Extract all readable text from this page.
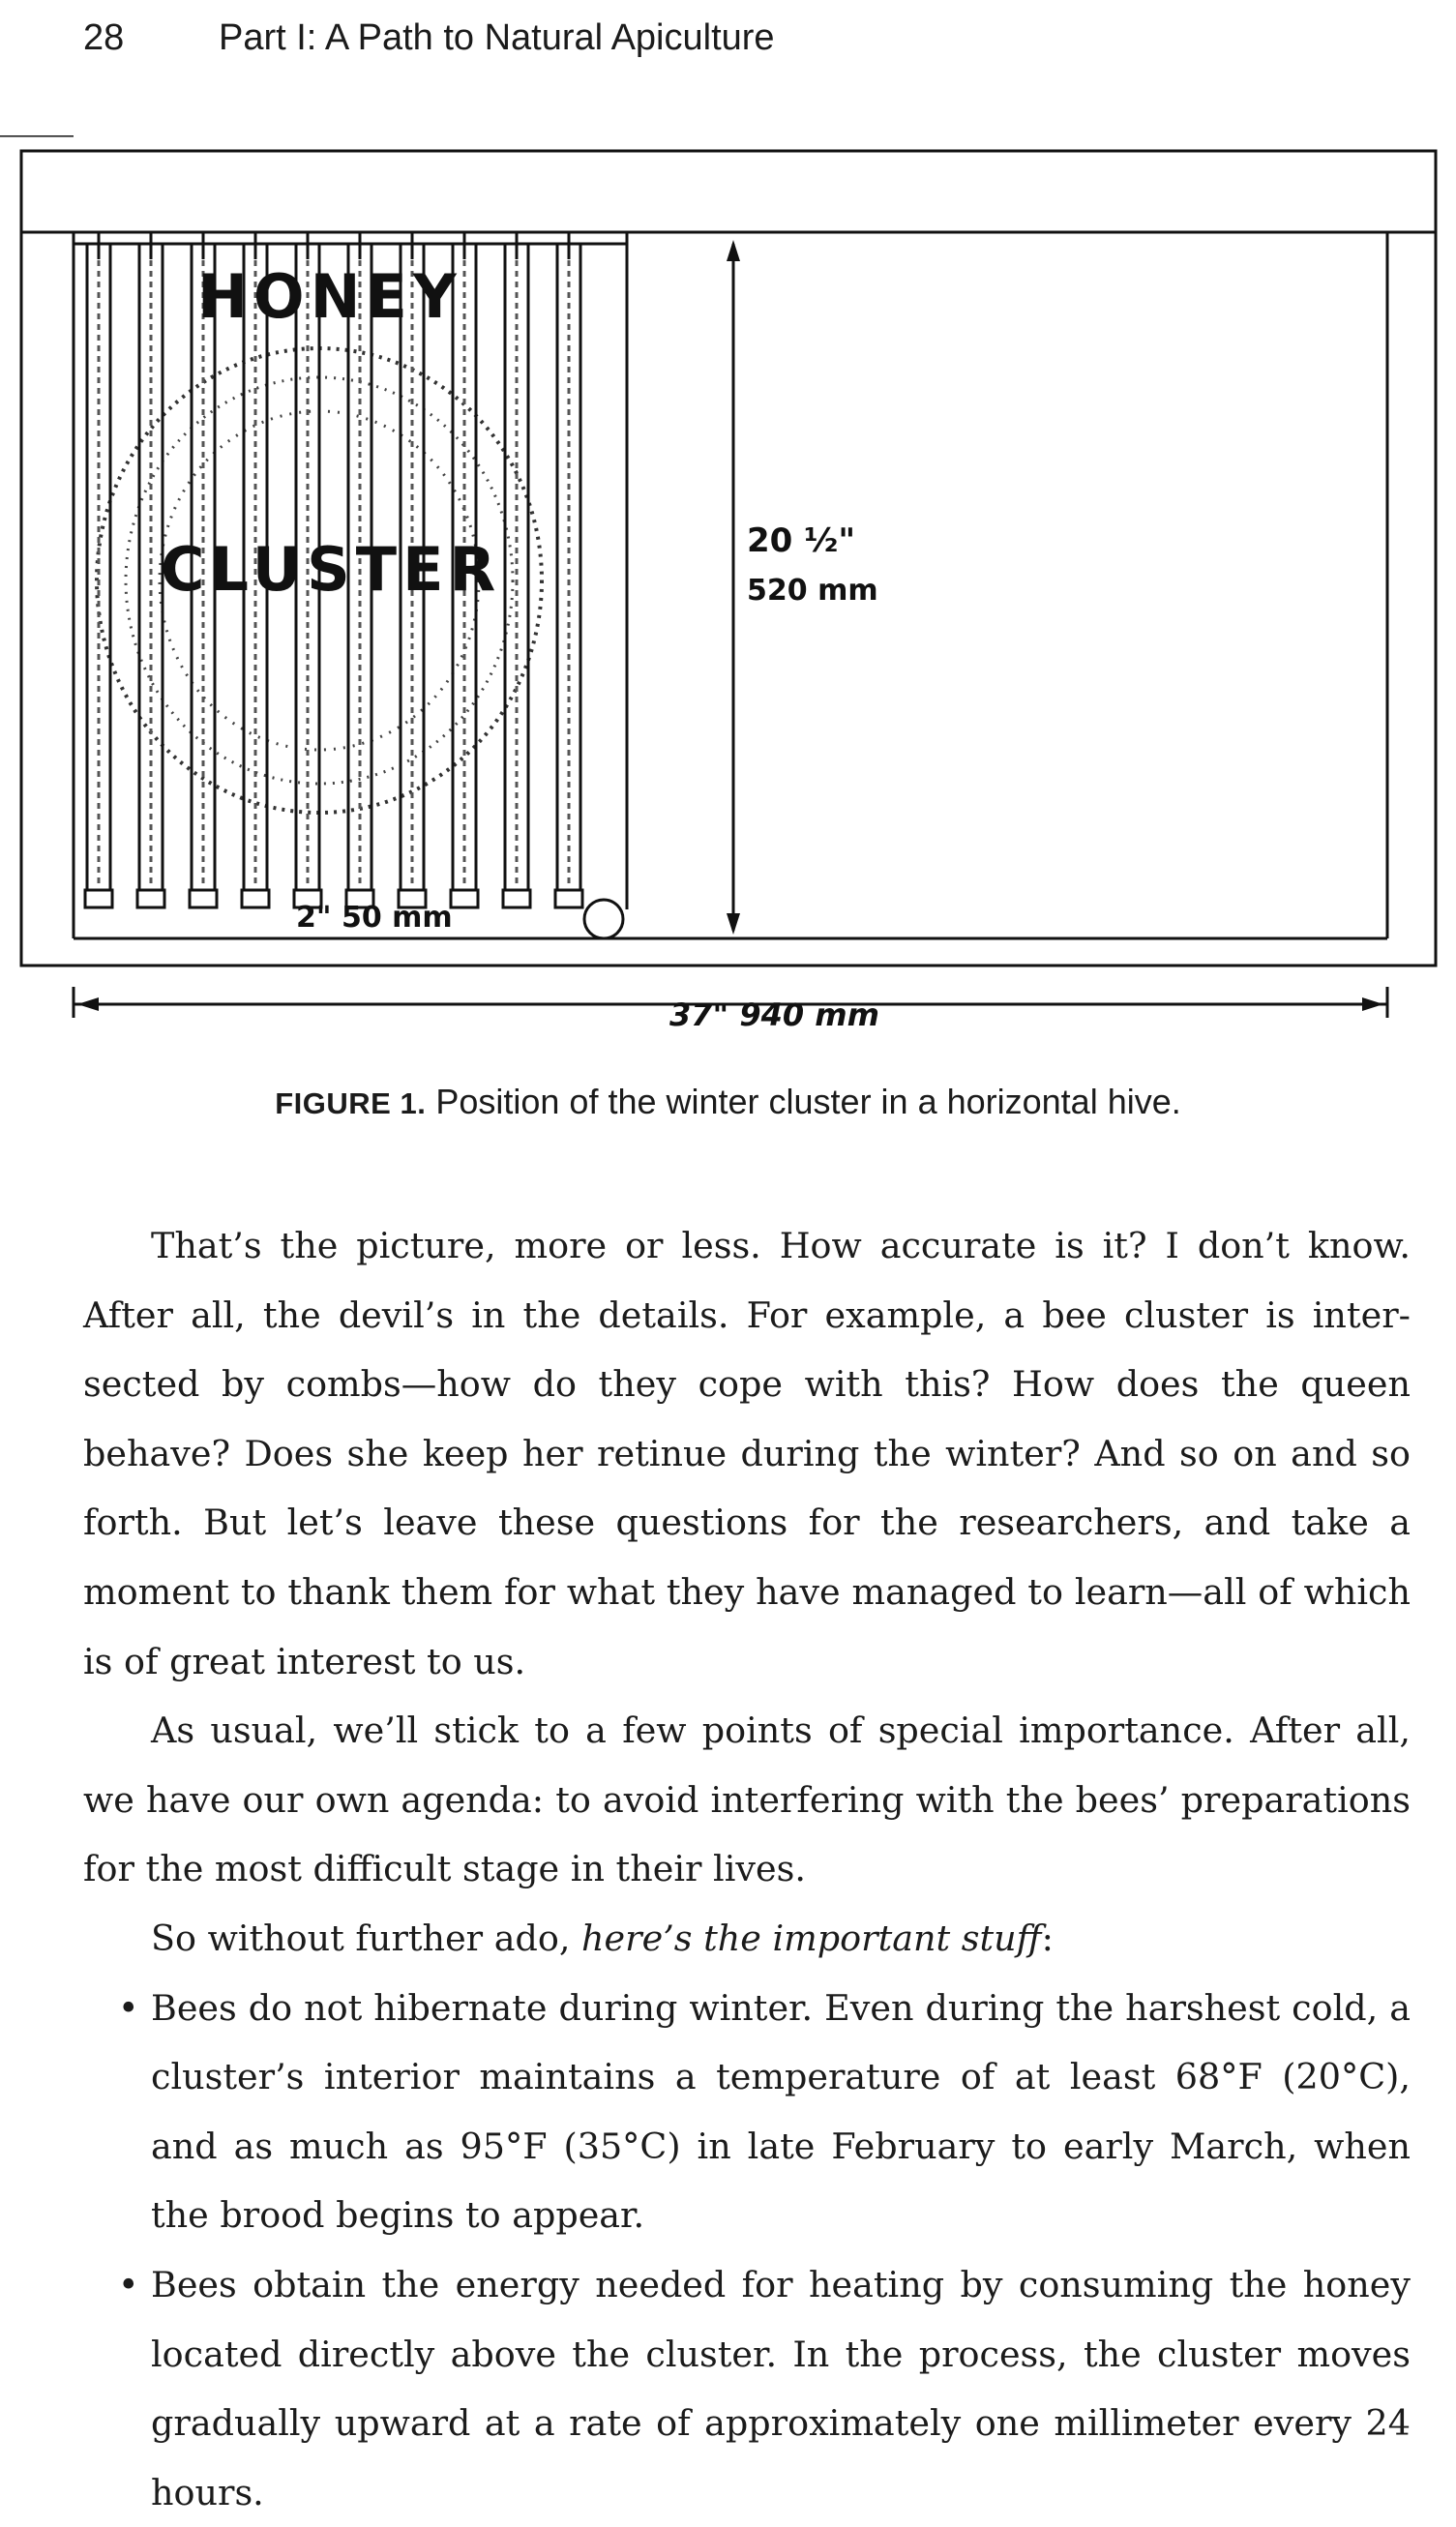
28	Part I: A Path to Natural Apiculture
HONEY
CLUSTER	20 ½"
520 mm
2" 50 mm
37" 940 mm
FIGURE 1. Position of the winter cluster in a horizontal hive.

That’s the picture, more or less. How accurate is it? I don’t know. After all, the devil’s in the details. For example, a bee cluster is intersected by combs—how do they cope with this? How does the queen behave? Does she keep her retinue during the winter? And so on and so forth. But let’s leave these questions for the researchers, and take a moment to thank them for what they have managed to learn—all of which is of great interest to us.

As usual, we’ll stick to a few points of special importance. After all, we have our own agenda: to avoid interfering with the bees’ preparations for the most difficult stage in their lives.

So without further ado, here’s the important stuff:

• Bees do not hibernate during winter. Even during the harshest cold, a cluster’s interior maintains a temperature of at least 68°F (20°C), and as much as 95°F (35°C) in late February to early March, when the brood begins to appear.
• Bees obtain the energy needed for heating by consuming the honey located directly above the cluster. In the process, the cluster moves gradually upward at a rate of approximately one millimeter every 24 hours.
